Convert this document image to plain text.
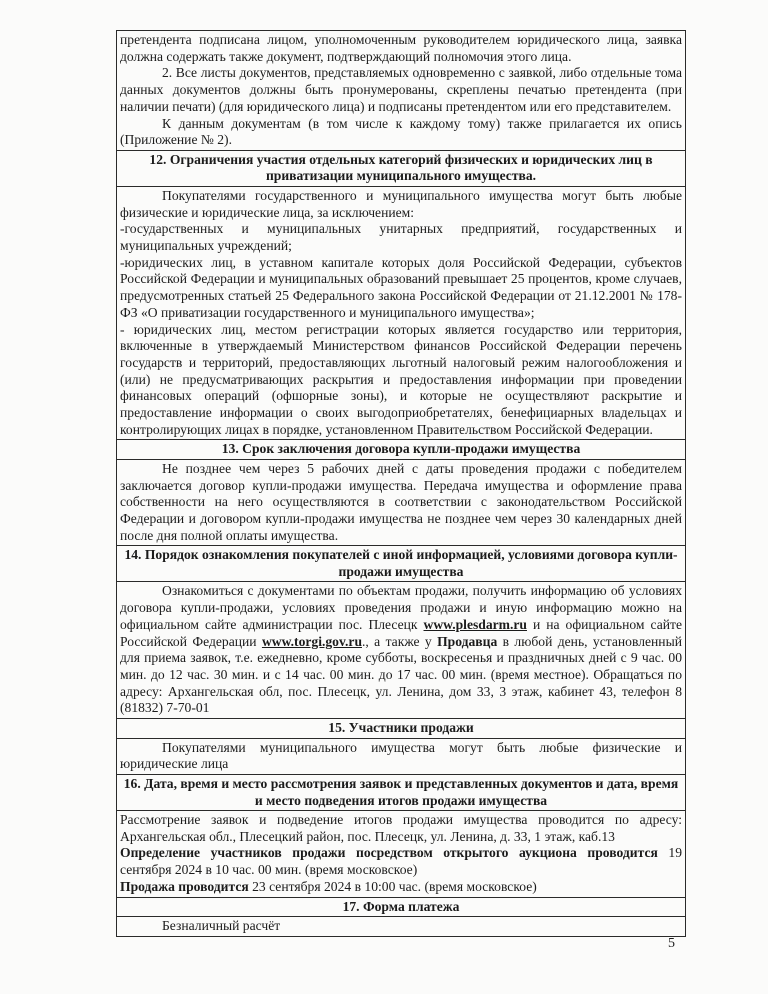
претендента подписана лицом, уполномоченным руководителем юридического лица, заявка должна содержать также документ, подтверждающий полномочия этого лица.

2. Все листы документов, представляемых одновременно с заявкой, либо отдельные тома данных документов должны быть пронумерованы, скреплены печатью претендента (при наличии печати) (для юридического лица) и подписаны претендентом или его представителем.

К данным документам (в том числе к каждому тому) также прилагается их опись (Приложение № 2).

12. Ограничения участия отдельных категорий физических и юридических лиц в приватизации муниципального имущества.

Покупателями государственного и муниципального имущества могут быть любые физические и юридические лица, за исключением:

-государственных и муниципальных унитарных предприятий, государственных и муниципальных учреждений;

-юридических лиц, в уставном капитале которых доля Российской Федерации, субъектов Российской Федерации и муниципальных образований превышает 25 процентов, кроме случаев, предусмотренных статьей 25 Федерального закона Российской Федерации от 21.12.2001 № 178-ФЗ «О приватизации государственного и муниципального имущества»;

- юридических лиц, местом регистрации которых является государство или территория, включенные в утверждаемый Министерством финансов Российской Федерации перечень государств и территорий, предоставляющих льготный налоговый режим налогообложения и (или) не предусматривающих раскрытия и предоставления информации при проведении финансовых операций (офшорные зоны), и которые не осуществляют раскрытие и предоставление информации о своих выгодоприобретателях, бенефициарных владельцах и контролирующих лицах в порядке, установленном Правительством Российской Федерации.

13. Срок заключения договора купли-продажи имущества

Не позднее чем через 5 рабочих дней с даты проведения продажи с победителем заключается договор купли-продажи имущества. Передача имущества и оформление права собственности на него осуществляются в соответствии с законодательством Российской Федерации и договором купли-продажи имущества не позднее чем через 30 календарных дней после дня полной оплаты имущества.

14. Порядок ознакомления покупателей с иной информацией, условиями договора купли-продажи имущества

Ознакомиться с документами по объектам продажи, получить информацию об условиях договора купли-продажи, условиях проведения продажи и иную информацию можно на официальном сайте администрации пос. Плесецк www.plesdarm.ru и на официальном сайте Российской Федерации www.torgi.gov.ru., а также у Продавца в любой день, установленный для приема заявок, т.е. ежедневно, кроме субботы, воскресенья и праздничных дней с 9 час. 00 мин. до 12 час. 30 мин. и с 14 час. 00 мин. до 17 час. 00 мин. (время местное). Обращаться по адресу: Архангельская обл, пос. Плесецк, ул. Ленина, дом 33, 3 этаж, кабинет 43, телефон 8 (81832) 7-70-01

15. Участники продажи

Покупателями муниципального имущества могут быть любые физические и юридические лица

16. Дата, время и место рассмотрения заявок и представленных документов и дата, время и место подведения итогов продажи имущества

Рассмотрение заявок и подведение итогов продажи имущества проводится по адресу: Архангельская обл., Плесецкий район, пос. Плесецк, ул. Ленина, д. 33, 1 этаж, каб.13

Определение участников продажи посредством открытого аукциона проводится 19 сентября 2024 в 10 час. 00 мин. (время московское)

Продажа проводится 23 сентября 2024 в 10:00 час. (время московское)

17. Форма платежа

Безналичный расчёт

5
